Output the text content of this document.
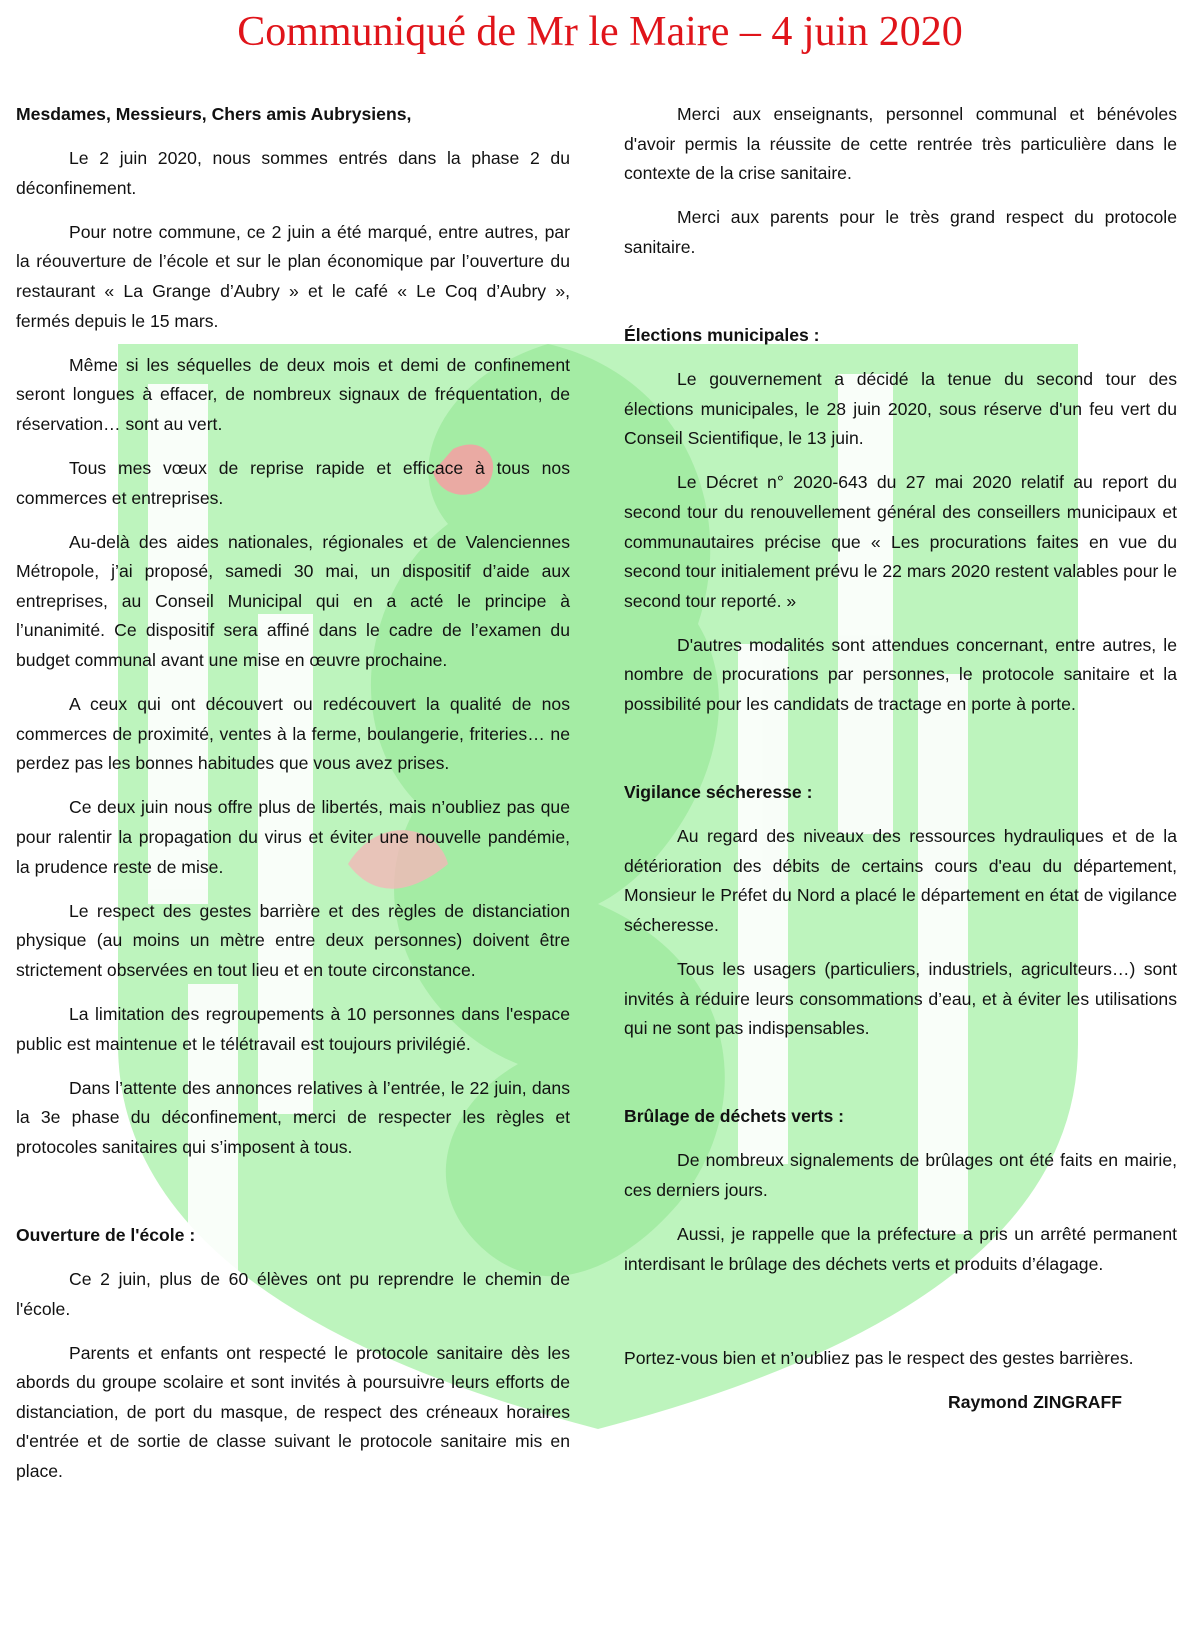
Communiqué de Mr le Maire – 4 juin 2020

Mesdames, Messieurs, Chers amis Aubrysiens,

Le 2 juin 2020, nous sommes entrés dans la phase 2 du déconfinement.

Pour notre commune, ce 2 juin a été marqué, entre autres, par la réouverture de l’école et sur le plan économique par l’ouverture du restaurant « La Grange d’Aubry » et le café « Le Coq d’Aubry », fermés depuis le 15 mars.

Même si les séquelles de deux mois et demi de confinement seront longues à effacer, de nombreux signaux de fréquentation, de réservation… sont au vert.

Tous mes vœux de reprise rapide et efficace à tous nos commerces et entreprises.

Au-delà des aides nationales, régionales et de Valenciennes Métropole, j’ai proposé, samedi 30 mai, un dispositif d’aide aux entreprises, au Conseil Municipal qui en a acté le principe à l’unanimité. Ce dispositif sera affiné dans le cadre de l’examen du budget communal avant une mise en œuvre prochaine.

A ceux qui ont découvert ou redécouvert la qualité de nos commerces de proximité, ventes à la ferme, boulangerie, friteries… ne perdez pas les bonnes habitudes que vous avez prises.

Ce deux juin nous offre plus de libertés, mais n’oubliez pas que pour ralentir la propagation du virus et éviter une nouvelle pandémie, la prudence reste de mise.

Le respect des gestes barrière et des règles de distanciation physique (au moins un mètre entre deux personnes) doivent être strictement observées en tout lieu et en toute circonstance.

La limitation des regroupements à 10 personnes dans l'espace public est maintenue et le télétravail est toujours privilégié.

Dans l’attente des annonces relatives à l’entrée, le 22 juin, dans la 3e phase du déconfinement, merci de respecter les règles et protocoles sanitaires qui s’imposent à tous.

Ouverture de l'école :

Ce 2 juin, plus de 60 élèves ont pu reprendre le chemin de l'école.

Parents et enfants ont respecté le protocole sanitaire dès les abords du groupe scolaire et sont invités à poursuivre leurs efforts de distanciation, de port du masque, de respect des créneaux horaires d'entrée et de sortie de classe suivant le protocole sanitaire mis en place.

Merci aux enseignants, personnel communal et bénévoles d'avoir permis la réussite de cette rentrée très particulière dans le contexte de la crise sanitaire.

Merci aux parents pour le très grand respect du protocole sanitaire.

Élections municipales :

Le gouvernement a décidé la tenue du second tour des élections municipales, le 28 juin 2020, sous réserve d'un feu vert du Conseil Scientifique, le 13 juin.

Le Décret n° 2020-643 du 27 mai 2020 relatif au report du second tour du renouvellement général des conseillers municipaux et communautaires précise que « Les procurations faites en vue du second tour initialement prévu le 22 mars 2020 restent valables pour le second tour reporté. »

D'autres modalités sont attendues concernant, entre autres, le nombre de procurations par personnes, le protocole sanitaire et la possibilité pour les candidats de tractage en porte à porte.

Vigilance sécheresse :

Au regard des niveaux des ressources hydrauliques et de la détérioration des débits de certains cours d'eau du département, Monsieur le Préfet du Nord a placé le département en état de vigilance sécheresse.

Tous les usagers (particuliers, industriels, agriculteurs…) sont invités à réduire leurs consommations d’eau, et à éviter les utilisations qui ne sont pas indispensables.

Brûlage de déchets verts :

De nombreux signalements de brûlages ont été faits en mairie, ces derniers jours.

Aussi, je rappelle que la préfecture a pris un arrêté permanent interdisant le brûlage des déchets verts et produits d’élagage.

Portez-vous bien et n’oubliez pas le respect des gestes barrières.

Raymond ZINGRAFF
